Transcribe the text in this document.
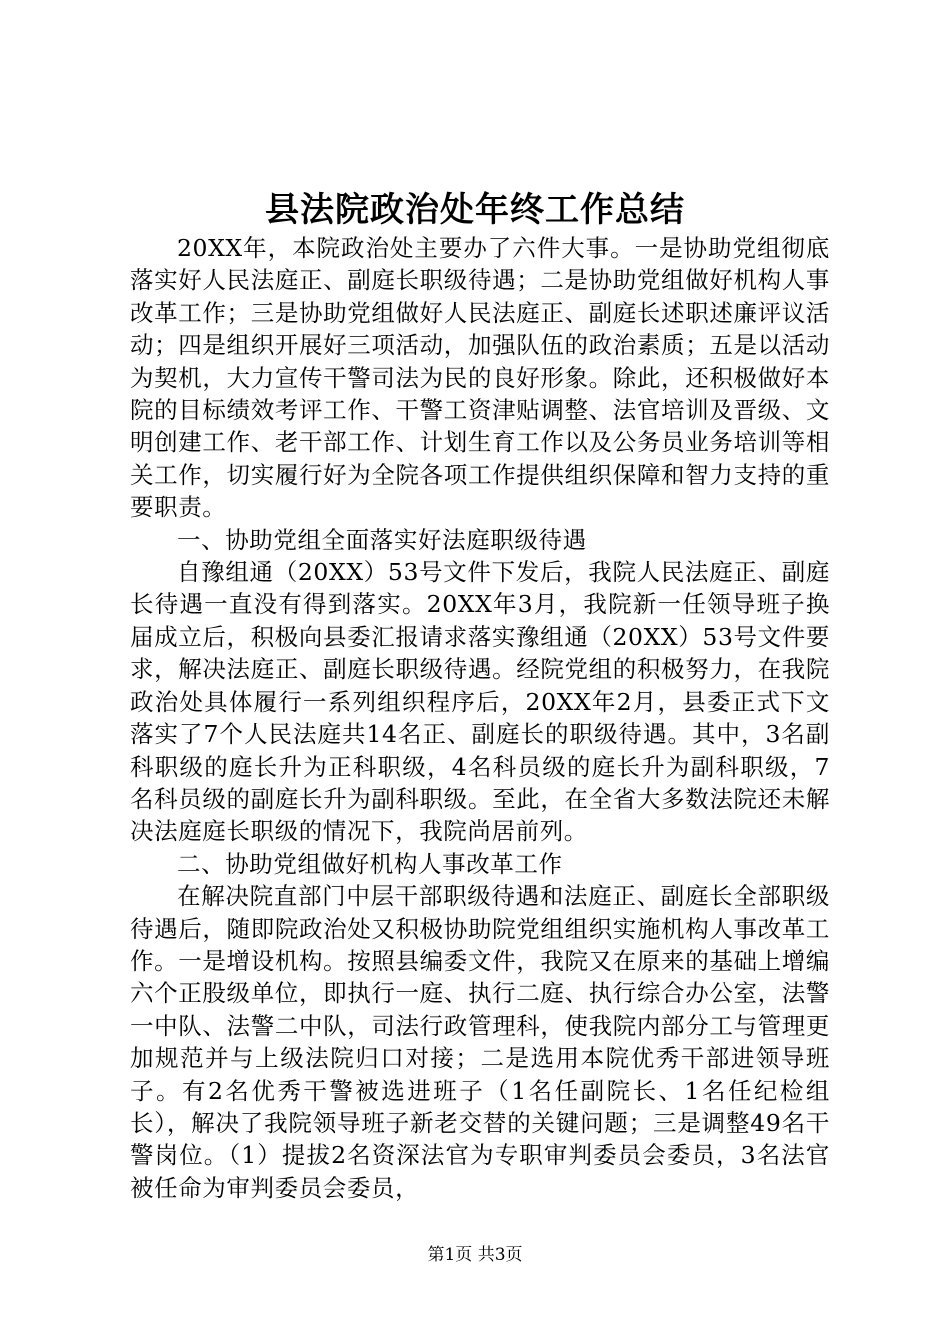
县法院政治处年终工作总结

20XX年，本院政治处主要办了六件大事。一是协助党组彻底落实好人民法庭正、副庭长职级待遇；二是协助党组做好机构人事改革工作；三是协助党组做好人民法庭正、副庭长述职述廉评议活动；四是组织开展好三项活动，加强队伍的政治素质；五是以活动为契机，大力宣传干警司法为民的良好形象。除此，还积极做好本院的目标绩效考评工作、干警工资津贴调整、法官培训及晋级、文明创建工作、老干部工作、计划生育工作以及公务员业务培训等相关工作，切实履行好为全院各项工作提供组织保障和智力支持的重要职责。

一、协助党组全面落实好法庭职级待遇

自豫组通（20XX）53号文件下发后，我院人民法庭正、副庭长待遇一直没有得到落实。20XX年3月，我院新一任领导班子换届成立后，积极向县委汇报请求落实豫组通（20XX）53号文件要求，解决法庭正、副庭长职级待遇。经院党组的积极努力，在我院政治处具体履行一系列组织程序后，20XX年2月，县委正式下文落实了7个人民法庭共14名正、副庭长的职级待遇。其中，3名副科职级的庭长升为正科职级，4名科员级的庭长升为副科职级，7名科员级的副庭长升为副科职级。至此，在全省大多数法院还未解决法庭庭长职级的情况下，我院尚居前列。

二、协助党组做好机构人事改革工作

在解决院直部门中层干部职级待遇和法庭正、副庭长全部职级待遇后，随即院政治处又积极协助院党组组织实施机构人事改革工作。一是增设机构。按照县编委文件，我院又在原来的基础上增编六个正股级单位，即执行一庭、执行二庭、执行综合办公室，法警一中队、法警二中队，司法行政管理科，使我院内部分工与管理更加规范并与上级法院归口对接；二是选用本院优秀干部进领导班子。有2名优秀干警被选进班子（1名任副院长、1名任纪检组长），解决了我院领导班子新老交替的关键问题；三是调整49名干警岗位。（1）提拔2名资深法官为专职审判委员会委员，3名法官被任命为审判委员会委员，

第1页 共3页
